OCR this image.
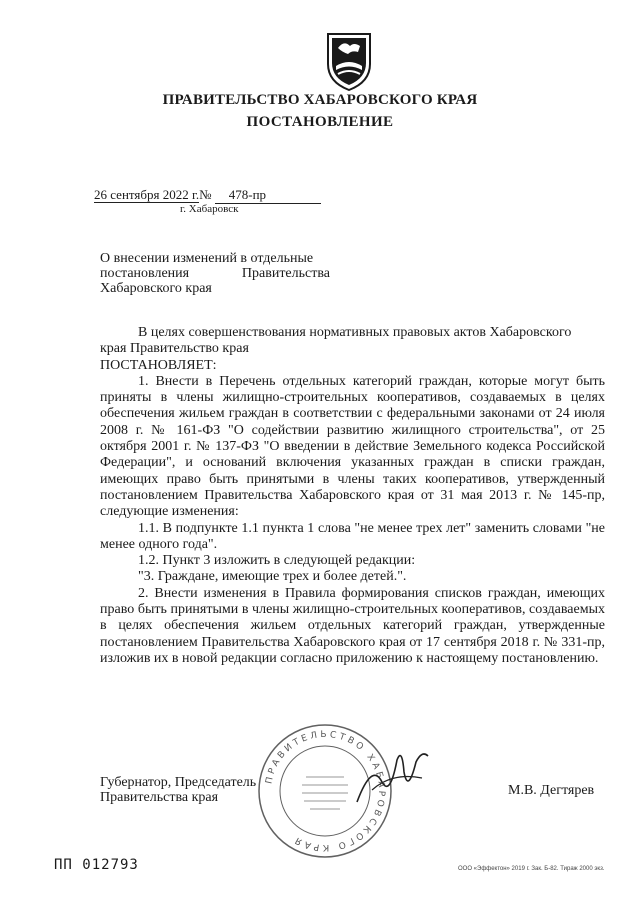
ПРАВИТЕЛЬСТВО ХАБАРОВСКОГО КРАЯ
ПОСТАНОВЛЕНИЕ
26 сентября 2022 г.№ 478-пр
г. Хабаровск
О внесении изменений в отдельные
постановления	Правительства
Хабаровского края

В целях совершенствования нормативных правовых актов Хабаровского

края Правительство края

ПОСТАНОВЛЯЕТ:

1. Внести в Перечень отдельных категорий граждан, которые могут быть приняты в члены жилищно-строительных кооперативов, создаваемых в целях обеспечения жильем граждан в соответствии с федеральными законами от 24 июля 2008 г. № 161-ФЗ "О содействии развитию жилищного строительства", от 25 октября 2001 г. № 137-ФЗ "О введении в действие Земельного кодекса Российской Федерации", и оснований включения указанных граждан в списки граждан, имеющих право быть принятыми в члены таких кооперативов, утвержденный постановлением Правительства Хабаровского края от 31 мая 2013 г. № 145-пр, следующие изменения:

1.1. В подпункте 1.1 пункта 1 слова "не менее трех лет" заменить словами "не менее одного года".

1.2. Пункт 3 изложить в следующей редакции:

"3. Граждане, имеющие трех и более детей.".

2. Внести изменения в Правила формирования списков граждан, имеющих право быть принятыми в члены жилищно-строительных кооперативов, создаваемых в целях обеспечения жильем отдельных категорий граждан, утвержденные постановлением Правительства Хабаровского края от 17 сентября 2018 г. № 331-пр, изложив их в новой редакции согласно приложению к настоящему постановлению.

ПРАВИТЕЛЬСТВО ХАБАРОВСКОГО КРАЯ
Губернатор, Председатель
Правительства края	М.В. Дегтярев
ПП 012793	ООО «Эффектон» 2019 г. Зак. Б-82. Тираж 2000 экз.
